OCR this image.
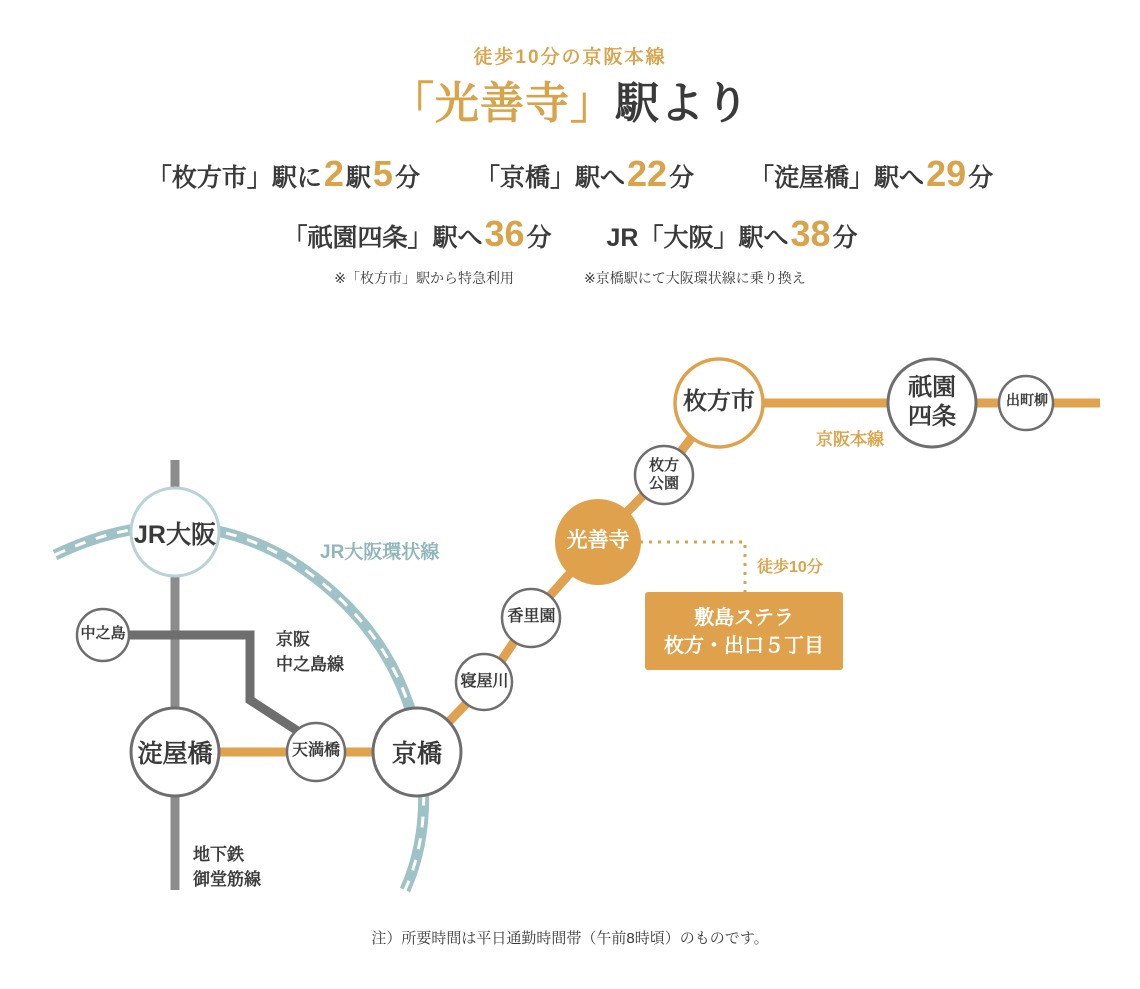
徒歩10分の京阪本線
「光善寺」駅より
「枚方市」駅に 2 駅 5 分 「京橋」駅へ 22 分 「淀屋橋」駅へ 29 分
「祇園四条」駅へ 36 分 JR「大阪」駅へ 38 分
※「枚方市」駅から特急利用	※京橋駅にて大阪環状線に乗り換え
JR大阪
中之島
淀屋橋	天満橋	京橋
寝屋川
香里園
光善寺
枚方
公園
枚方市
祇園
四条
出町柳
京阪本線
JR大阪環状線
京阪
中之島線
地下鉄
御堂筋線
徒歩10分
敷島ステラ
枚方・出口５丁目
注）所要時間は平日通勤時間帯（午前8時頃）のものです。
